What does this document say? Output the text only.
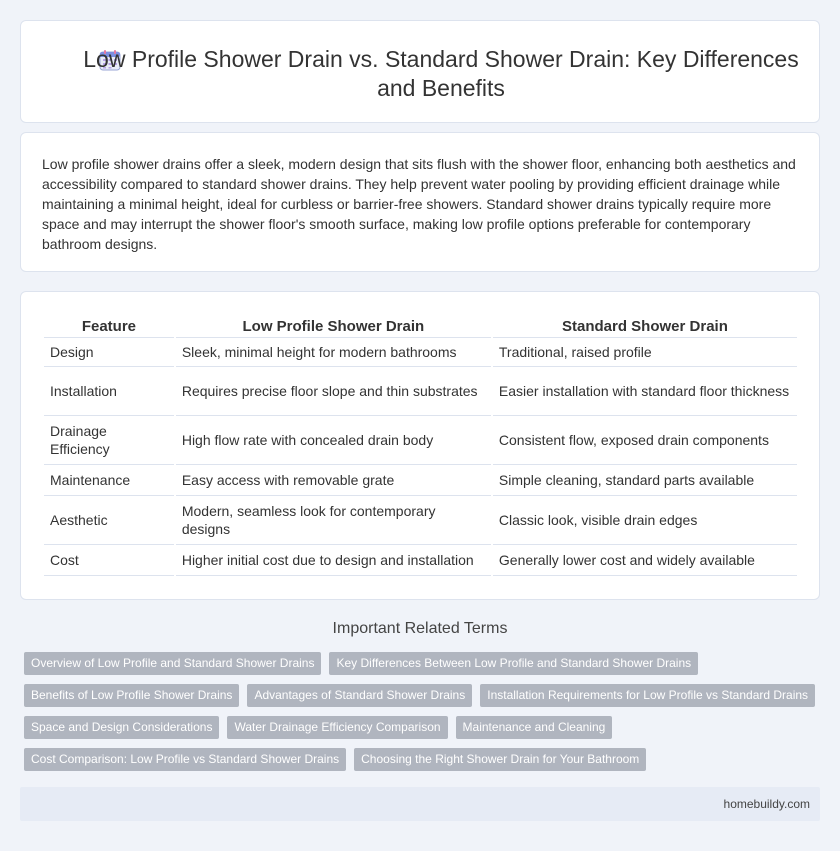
Low Profile Shower Drain vs. Standard Shower Drain: Key Differences and Benefits

Low profile shower drains offer a sleek, modern design that sits flush with the shower floor, enhancing both aesthetics and accessibility compared to standard shower drains. They help prevent water pooling by providing efficient drainage while maintaining a minimal height, ideal for curbless or barrier-free showers. Standard shower drains typically require more space and may interrupt the shower floor's smooth surface, making low profile options preferable for contemporary bathroom designs.

Feature	Low Profile Shower Drain	Standard Shower Drain
Design	Sleek, minimal height for modern bathrooms	Traditional, raised profile
Installation	Requires precise floor slope and thin substrates	Easier installation with standard floor thickness
Drainage Efficiency	High flow rate with concealed drain body	Consistent flow, exposed drain components
Maintenance	Easy access with removable grate	Simple cleaning, standard parts available
Aesthetic	Modern, seamless look for contemporary designs	Classic look, visible drain edges
Cost	Higher initial cost due to design and installation	Generally lower cost and widely available
Important Related Terms
Overview of Low Profile and Standard Shower Drains	Key Differences Between Low Profile and Standard Shower Drains
Benefits of Low Profile Shower Drains	Advantages of Standard Shower Drains	Installation Requirements for Low Profile vs Standard Drains
Space and Design Considerations	Water Drainage Efficiency Comparison	Maintenance and Cleaning
Cost Comparison: Low Profile vs Standard Shower Drains	Choosing the Right Shower Drain for Your Bathroom
homebuildy.com
